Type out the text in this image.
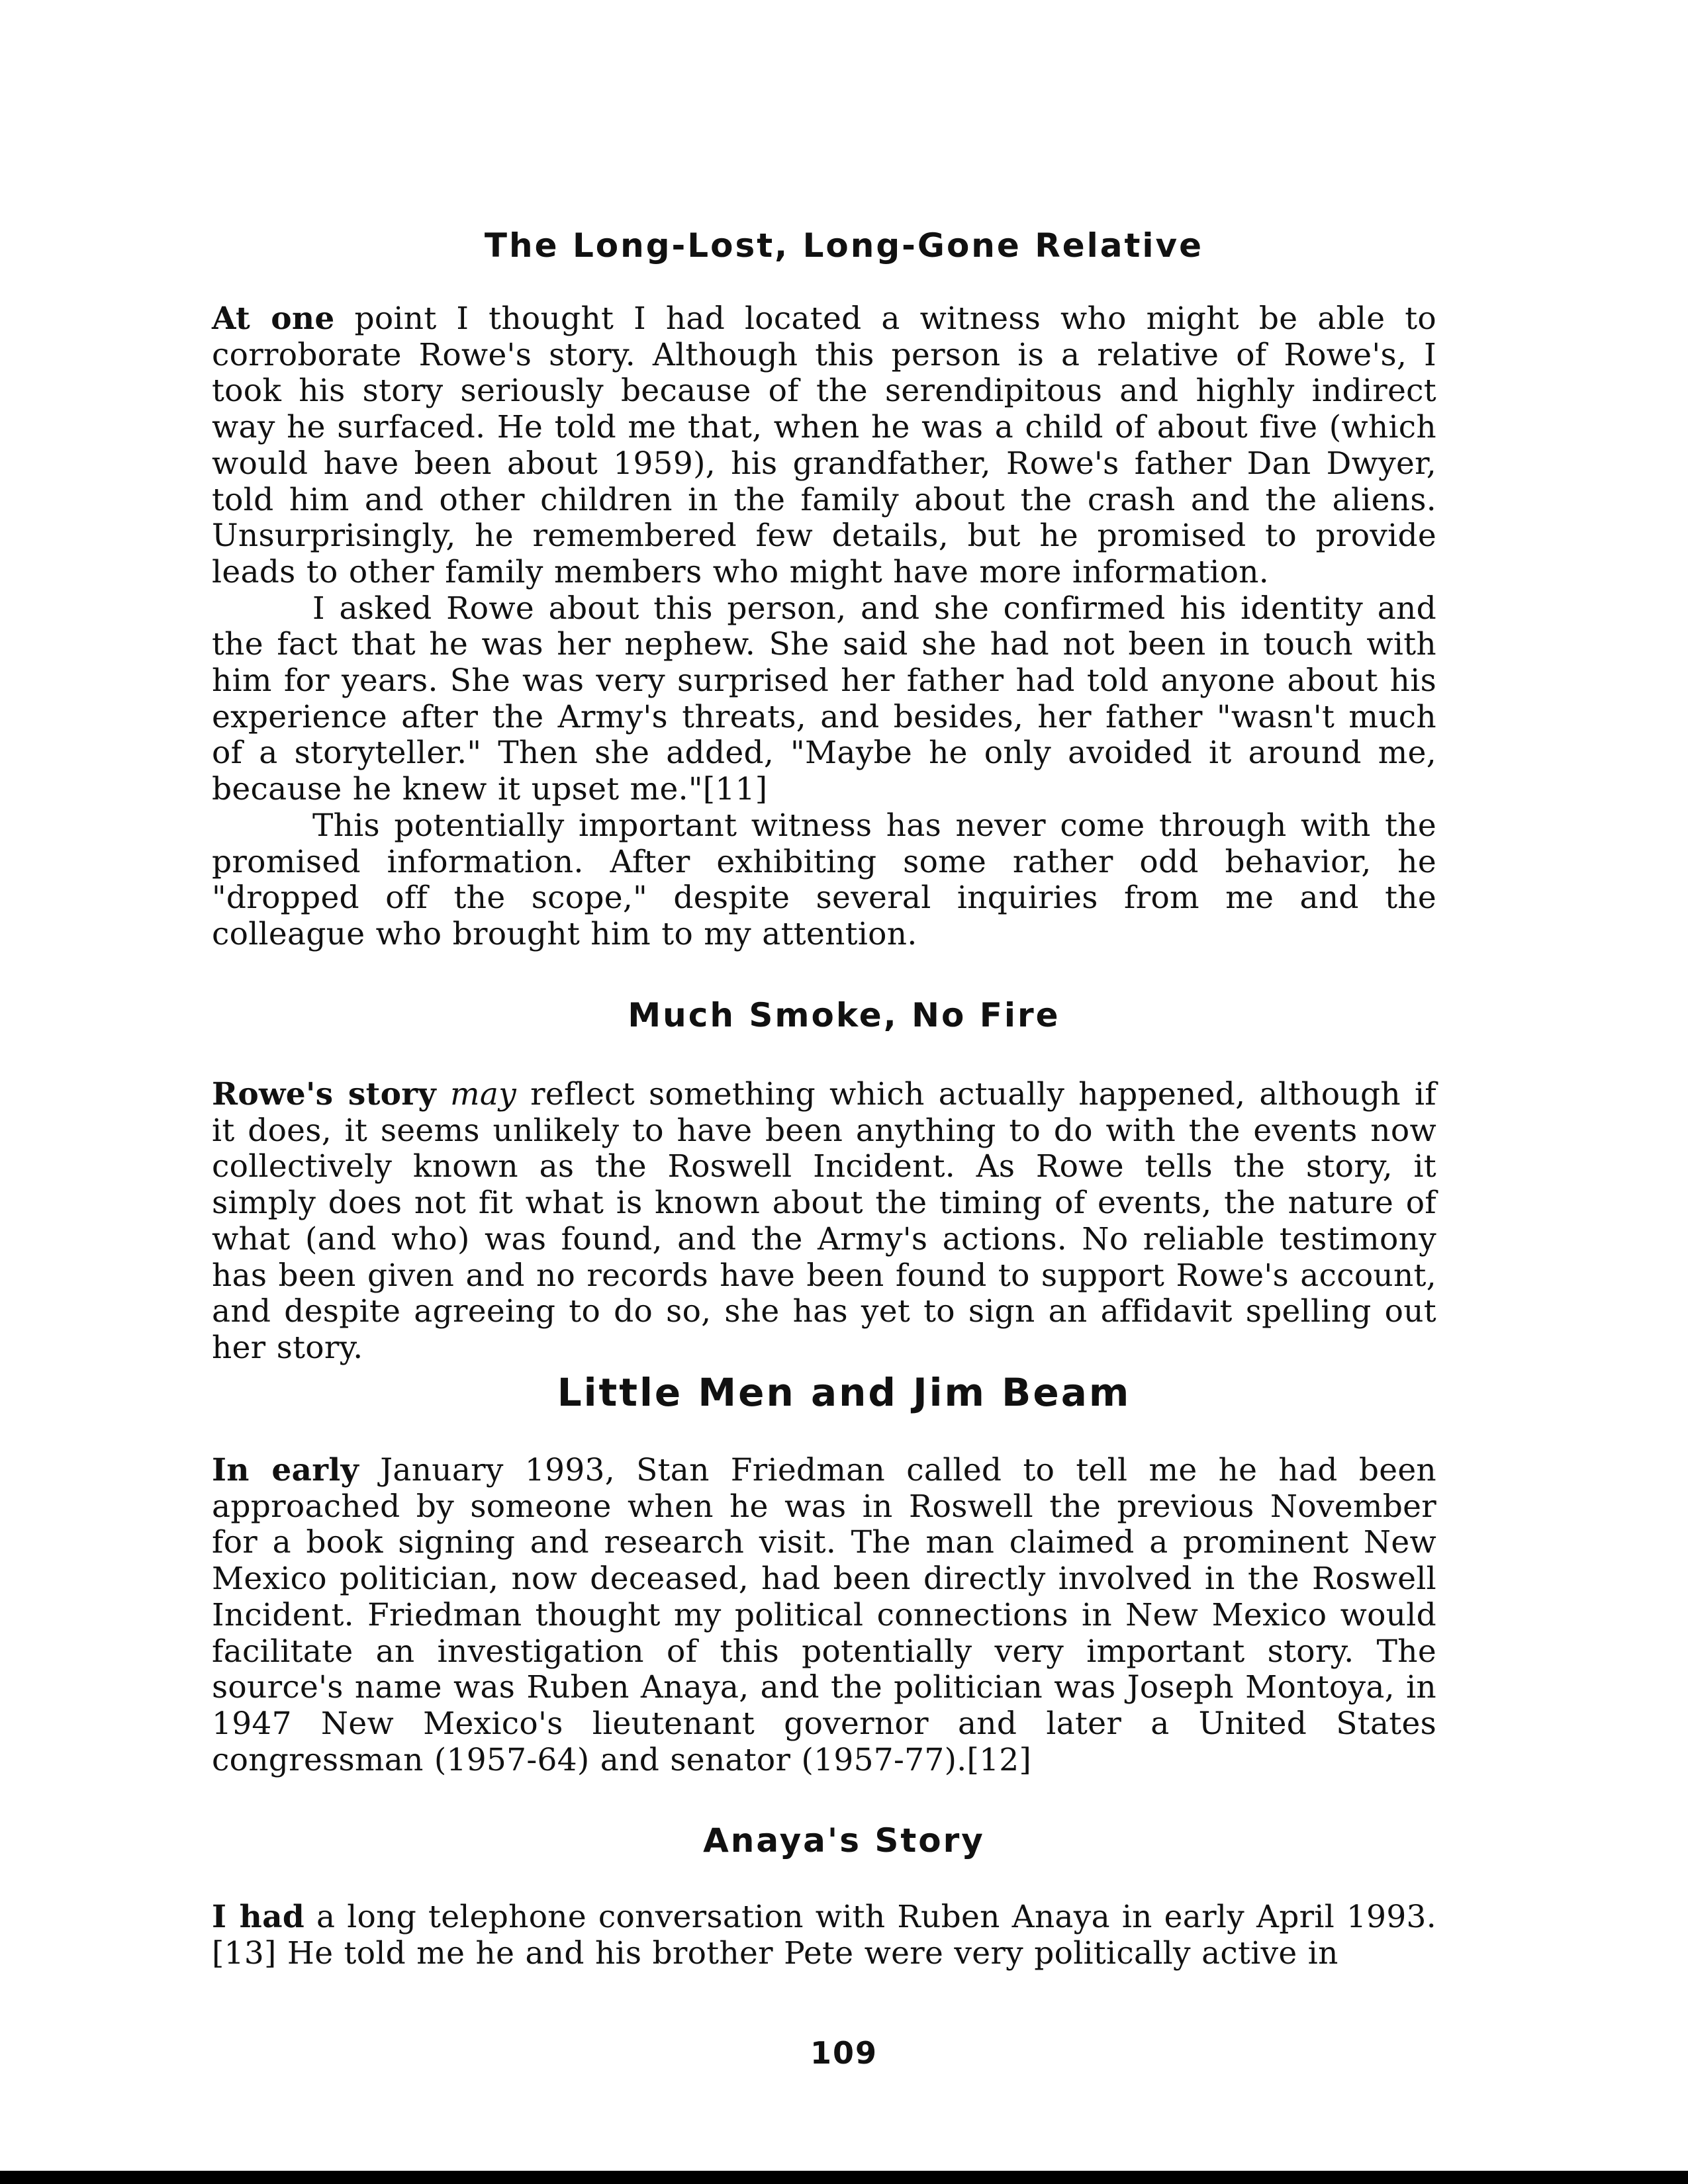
The Long-Lost, Long-Gone Relative

At one point I thought I had located a witness who might be able to corroborate Rowe's story. Although this person is a relative of Rowe's, I took his story seriously because of the serendipitous and highly indirect way he surfaced. He told me that, when he was a child of about five (which would have been about 1959), his grandfather, Rowe's father Dan Dwyer, told him and other children in the family about the crash and the aliens. Unsurprisingly, he remembered few details, but he promised to provide leads to other family members who might have more information.

I asked Rowe about this person, and she confirmed his identity and the fact that he was her nephew. She said she had not been in touch with him for years. She was very surprised her father had told anyone about his experience after the Army's threats, and besides, her father "wasn't much of a storyteller." Then she added, "Maybe he only avoided it around me, because he knew it upset me."[11]

This potentially important witness has never come through with the promised information. After exhibiting some rather odd behavior, he "dropped off the scope," despite several inquiries from me and the colleague who brought him to my attention.

Much Smoke, No Fire

Rowe's story may reflect something which actually happened, although if it does, it seems unlikely to have been anything to do with the events now collectively known as the Roswell Incident. As Rowe tells the story, it simply does not fit what is known about the timing of events, the nature of what (and who) was found, and the Army's actions. No reliable testimony has been given and no records have been found to support Rowe's account, and despite agreeing to do so, she has yet to sign an affidavit spelling out her story.

Little Men and Jim Beam

In early January 1993, Stan Friedman called to tell me he had been approached by someone when he was in Roswell the previous November for a book signing and research visit. The man claimed a prominent New Mexico politician, now deceased, had been directly involved in the Roswell Incident. Friedman thought my political connections in New Mexico would facilitate an investigation of this potentially very important story. The source's name was Ruben Anaya, and the politician was Joseph Montoya, in 1947 New Mexico's lieutenant governor and later a United States congressman (1957-64) and senator (1957-77).[12]

Anaya's Story

I had a long telephone conversation with Ruben Anaya in early April 1993.[13] He told me he and his brother Pete were very politically active in

109
